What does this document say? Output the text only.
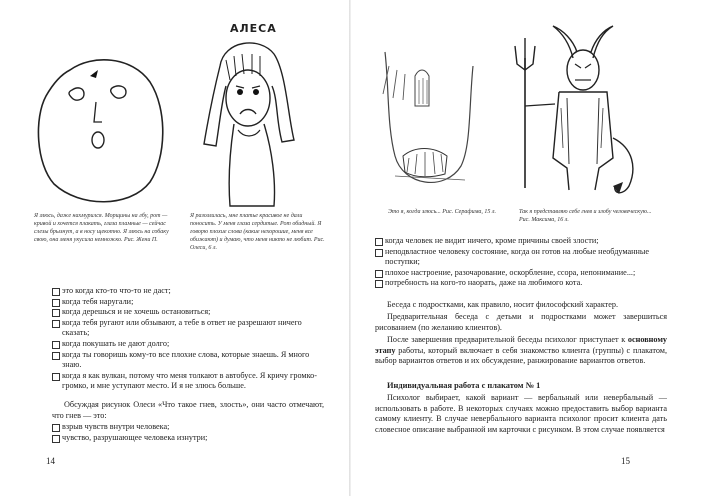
Я злюсь, даже нахмурился. Морщины на лбу, рот — кривой и хочется плакать, глаза пламные — сейчас слезы брызнут, а в носу щекотно. Я злюсь на собаку свою, она меня укусила немножко. Рис. Жени П.

АЛЕСА

Я разозлилась, мне платье красивое не дали поносить. У меня глаза сердитые. Рот обидный. Я говорю плохие слова (какие нехорошие, меня все обижают) и думаю, что меня никто не любит. Рис. Олеси, 6 л.

это когда кто-то что-то не даст;
когда тебя наругали;
когда дерешься и не хочешь остановиться;
когда тебя ругают или обзывают, а тебе в ответ не разрешают ничего сказать;
когда покушать не дают долго;
когда ты говоришь кому-то все плохие слова, которые знаешь. Я много знаю.
когда я как вулкан, потому что меня толкают в автобусе. Я кричу громко-громко, и мне уступают место. И я не злюсь больше.

Обсуждая рисунок Олеси «Что такое гнев, злость», они часто отмечают, что гнев — это:

взрыв чувств внутри человека;
чувство, разрушающее человека изнутри;
14

Это я, когда злюсь... Рис. Серафима, 15 л.	Так я представляю себе гнев и злобу человеческую... Рис. Максима, 16 л.

когда человек не видит ничего, кроме причины своей злости;
неподвластное человеку состояние, когда он готов на любые необдуманные поступки;
плохое настроение, разочарование, оскорбление, ссора, непонимание...;
потребность на кого-то наорать, даже на любимого кота.

Беседа с подростками, как правило, носит философский характер.

Предварительная беседа с детьми и подростками может завершиться рисованием (по желанию клиентов).

После завершения предварительной беседы психолог приступает к основному этапу работы, который включает в себя знакомство клиента (группы) с плакатом, выбор вариантов ответов и их обсуждение, ранжирование вариантов ответов.

Индивидуальная работа с плакатом № 1

Психолог выбирает, какой вариант — вербальный или невербальный — использовать в работе. В некоторых случаях можно предоставить выбор варианта самому клиенту. В случае невербального варианта психолог просит клиента дать словесное описание выбранной им карточки с рисунком. В этом случае появляется

15
